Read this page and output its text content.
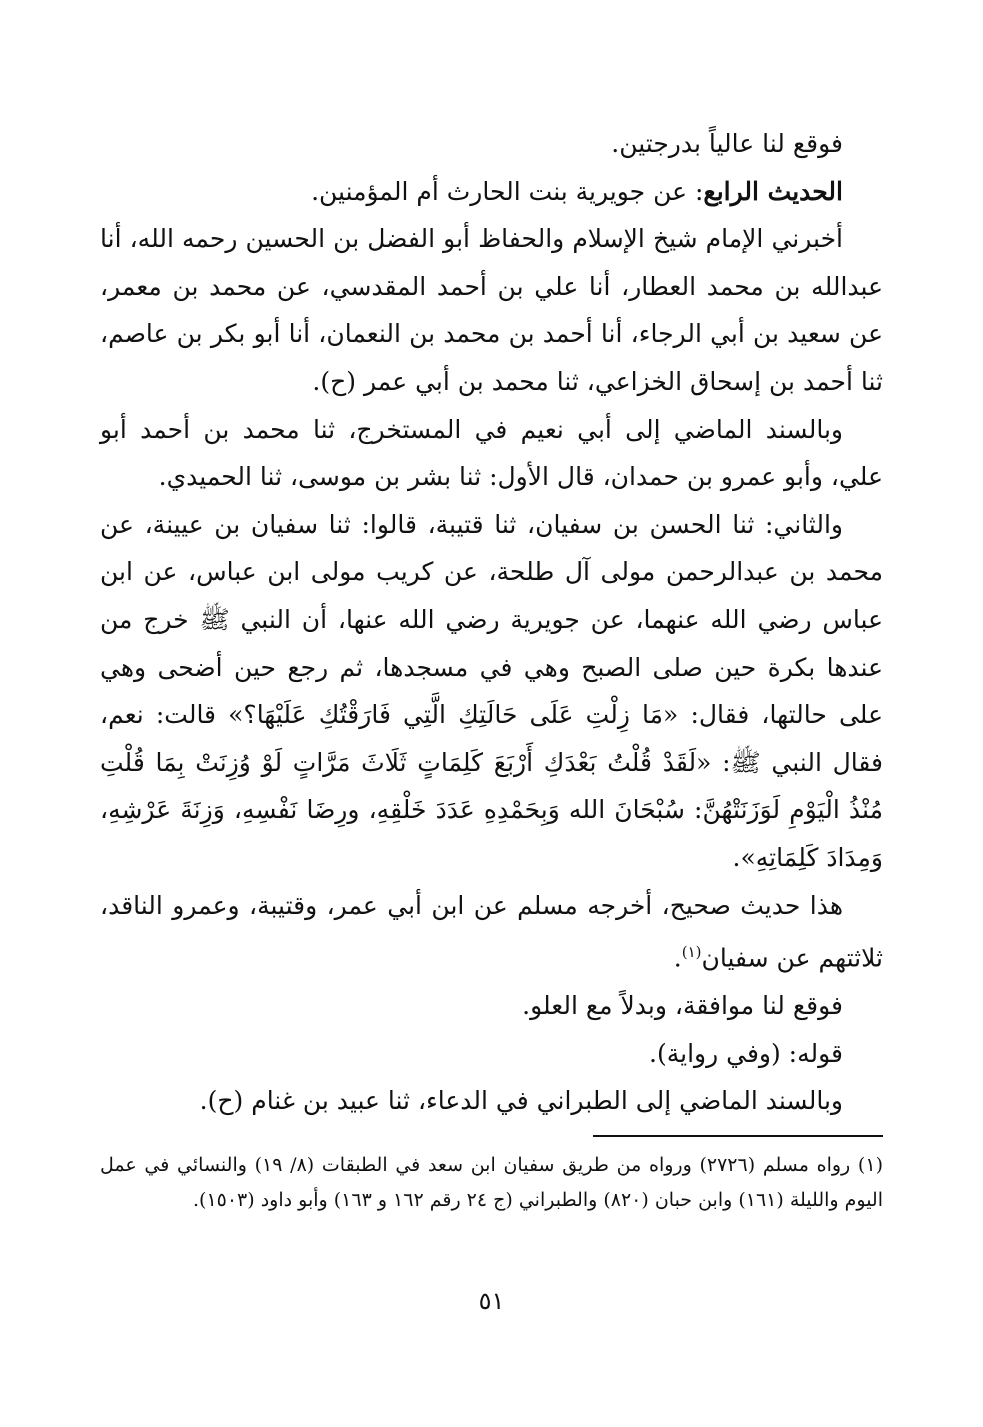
فوقع لنا عالياً بدرجتين.

الحديث الرابع: عن جويرية بنت الحارث أم المؤمنين.

أخبرني الإمام شيخ الإسلام والحفاظ أبو الفضل بن الحسين رحمه الله، أنا عبدالله بن محمد العطار، أنا علي بن أحمد المقدسي، عن محمد بن معمر، عن سعيد بن أبي الرجاء، أنا أحمد بن محمد بن النعمان، أنا أبو بكر بن عاصم، ثنا أحمد بن إسحاق الخزاعي، ثنا محمد بن أبي عمر (ح).

وبالسند الماضي إلى أبي نعيم في المستخرج، ثنا محمد بن أحمد أبو علي، وأبو عمرو بن حمدان، قال الأول: ثنا بشر بن موسى، ثنا الحميدي.

والثاني: ثنا الحسن بن سفيان، ثنا قتيبة، قالوا: ثنا سفيان بن عيينة، عن محمد بن عبدالرحمن مولى آل طلحة، عن كريب مولى ابن عباس، عن ابن عباس رضي الله عنهما، عن جويرية رضي الله عنها، أن النبي ﷺ خرج من عندها بكرة حين صلى الصبح وهي في مسجدها، ثم رجع حين أضحى وهي على حالتها، فقال: «مَا زِلْتِ عَلَى حَالَتِكِ الَّتِي فَارَقْتُكِ عَلَيْهَا؟» قالت: نعم، فقال النبي ﷺ: «لَقَدْ قُلْتُ بَعْدَكِ أَرْبَعَ كَلِمَاتٍ ثَلَاثَ مَرَّاتٍ لَوْ وُزِنَتْ بِمَا قُلْتِ مُنْذُ الْيَوْمِ لَوَزَنَتْهُنَّ: سُبْحَانَ الله وَبِحَمْدِهِ عَدَدَ خَلْقِهِ، ورِضَا نَفْسِهِ، وَزِنَةَ عَرْشِهِ، وَمِدَادَ كَلِمَاتِهِ».

هذا حديث صحيح، أخرجه مسلم عن ابن أبي عمر، وقتيبة، وعمرو الناقد، ثلاثتهم عن سفيان$^{(١)}$.

فوقع لنا موافقة، وبدلاً مع العلو.

قوله: (وفي رواية).

وبالسند الماضي إلى الطبراني في الدعاء، ثنا عبيد بن غنام (ح).

(١) رواه مسلم (٢٧٢٦) ورواه من طريق سفيان ابن سعد في الطبقات (٨/ ١٩) والنسائي في عمل اليوم والليلة (١٦١) وابن حبان (٨٢٠) والطبراني (ج ٢٤ رقم ١٦٢ و ١٦٣) وأبو داود (١٥٠٣).

٥١
